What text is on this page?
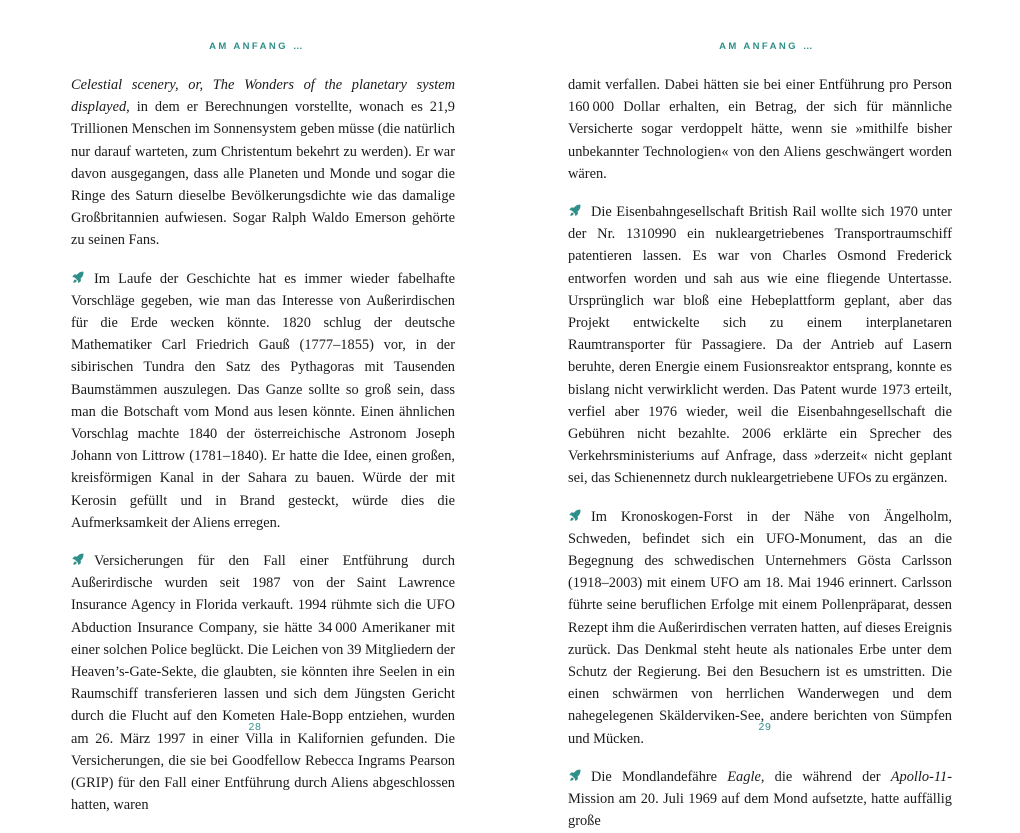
AM ANFANG …

Celestial scenery, or, The Wonders of the planetary system displayed, in dem er Berechnungen vorstellte, wonach es 21,9 Trillionen Menschen im Sonnensystem geben müsse (die natürlich nur darauf warteten, zum Christentum bekehrt zu werden). Er war davon ausgegangen, dass alle Planeten und Monde und sogar die Ringe des Saturn dieselbe Bevölkerungsdichte wie das damalige Großbritannien aufwiesen. Sogar Ralph Waldo Emerson gehörte zu seinen Fans.

Im Laufe der Geschichte hat es immer wieder fabelhafte Vorschläge gegeben, wie man das Interesse von Außerirdischen für die Erde wecken könnte. 1820 schlug der deutsche Mathematiker Carl Friedrich Gauß (1777–1855) vor, in der sibirischen Tundra den Satz des Pythagoras mit Tausenden Baumstämmen auszulegen. Das Ganze sollte so groß sein, dass man die Botschaft vom Mond aus lesen könnte. Einen ähnlichen Vorschlag machte 1840 der österreichische Astronom Joseph Johann von Littrow (1781–1840). Er hatte die Idee, einen großen, kreisförmigen Kanal in der Sahara zu bauen. Würde der mit Kerosin gefüllt und in Brand gesteckt, würde dies die Aufmerksamkeit der Aliens erregen.

Versicherungen für den Fall einer Entführung durch Außerirdische wurden seit 1987 von der Saint Lawrence Insurance Agency in Florida verkauft. 1994 rühmte sich die UFO Abduction Insurance Company, sie hätte 34 000 Amerikaner mit einer solchen Police beglückt. Die Leichen von 39 Mitgliedern der Heaven’s-Gate-Sekte, die glaubten, sie könnten ihre Seelen in ein Raumschiff transferieren lassen und sich dem Jüngsten Gericht durch die Flucht auf den Kometen Hale-Bopp entziehen, wurden am 26. März 1997 in einer Villa in Kalifornien gefunden. Die Versicherungen, die sie bei Goodfellow Rebecca Ingrams Pearson (GRIP) für den Fall einer Entführung durch Aliens abgeschlossen hatten, waren

28
AM ANFANG …

damit verfallen. Dabei hätten sie bei einer Entführung pro Person 160 000 Dollar erhalten, ein Betrag, der sich für männliche Versicherte sogar verdoppelt hätte, wenn sie »mithilfe bisher unbekannter Technologien« von den Aliens geschwängert worden wären.

Die Eisenbahngesellschaft British Rail wollte sich 1970 unter der Nr. 1310990 ein nukleargetriebenes Transportraumschiff patentieren lassen. Es war von Charles Osmond Frederick entworfen worden und sah aus wie eine fliegende Untertasse. Ursprünglich war bloß eine Hebeplattform geplant, aber das Projekt entwickelte sich zu einem interplanetaren Raumtransporter für Passagiere. Da der Antrieb auf Lasern beruhte, deren Energie einem Fusionsreaktor entsprang, konnte es bislang nicht verwirklicht werden. Das Patent wurde 1973 erteilt, verfiel aber 1976 wieder, weil die Eisenbahngesellschaft die Gebühren nicht bezahlte. 2006 erklärte ein Sprecher des Verkehrsministeriums auf Anfrage, dass »derzeit« nicht geplant sei, das Schienennetz durch nukleargetriebene UFOs zu ergänzen.

Im Kronoskogen-Forst in der Nähe von Ängelholm, Schweden, befindet sich ein UFO-Monument, das an die Begegnung des schwedischen Unternehmers Gösta Carlsson (1918–2003) mit einem UFO am 18. Mai 1946 erinnert. Carlsson führte seine beruflichen Erfolge mit einem Pollenpräparat, dessen Rezept ihm die Außerirdischen verraten hatten, auf dieses Ereignis zurück. Das Denkmal steht heute als nationales Erbe unter dem Schutz der Regierung. Bei den Besuchern ist es umstritten. Die einen schwärmen von herrlichen Wanderwegen und dem nahegelegenen Skälderviken-See, andere berichten von Sümpfen und Mücken.

Die Mondlandefähre Eagle, die während der Apollo-11-Mission am 20. Juli 1969 auf dem Mond aufsetzte, hatte auffällig große

29
